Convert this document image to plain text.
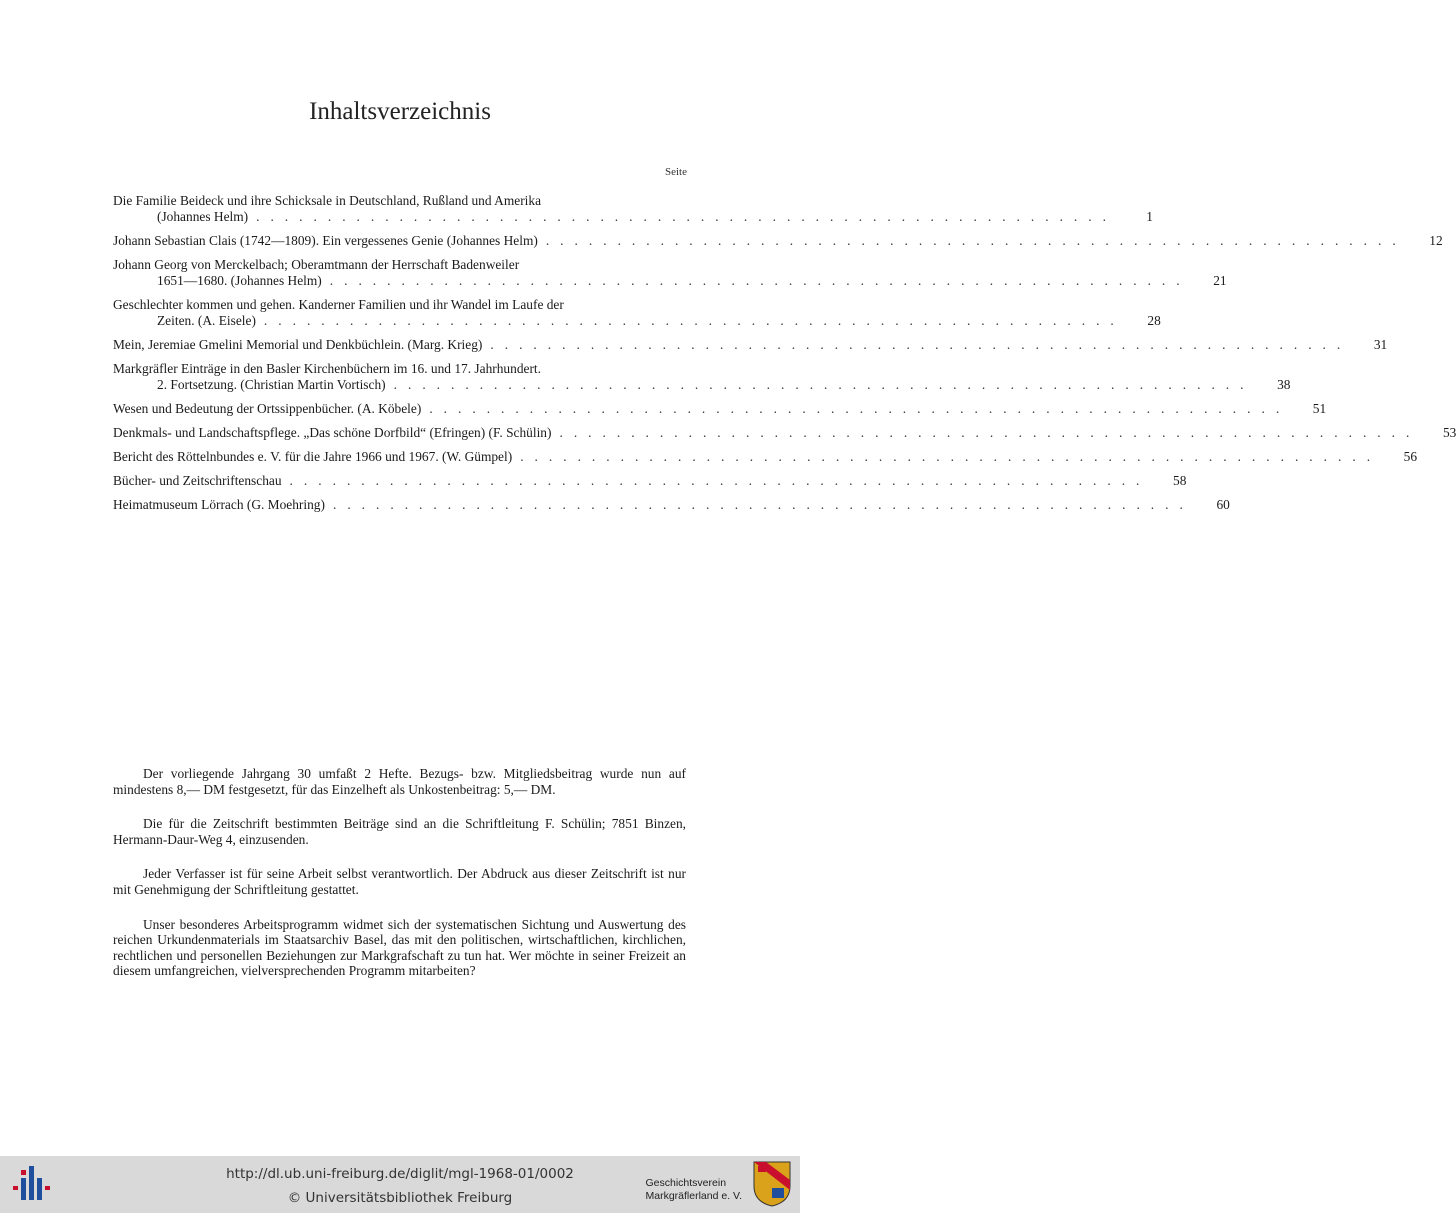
Inhaltsverzeichnis
Seite
Die Familie Beideck und ihre Schicksale in Deutschland, Rußland und Amerika
(Johannes Helm) ............................................................	1
Johann Sebastian Clais (1742—1809). Ein vergessenes Genie (Johannes Helm) ............................................................	12
Johann Georg von Merckelbach; Oberamtmann der Herrschaft Badenweiler
1651—1680. (Johannes Helm) ............................................................	21
Geschlechter kommen und gehen. Kanderner Familien und ihr Wandel im Laufe der
Zeiten. (A. Eisele) ............................................................	28
Mein, Jeremiae Gmelini Memorial und Denkbüchlein. (Marg. Krieg) ............................................................	31
Markgräfler Einträge in den Basler Kirchenbüchern im 16. und 17. Jahrhundert.
2. Fortsetzung. (Christian Martin Vortisch) ............................................................	38
Wesen und Bedeutung der Ortssippenbücher. (A. Köbele) ............................................................	51
Denkmals- und Landschaftspflege. „Das schöne Dorfbild“ (Efringen) (F. Schülin) ............................................................	53
Bericht des Röttelnbundes e. V. für die Jahre 1966 und 1967. (W. Gümpel) ............................................................	56
Bücher- und Zeitschriftenschau ............................................................	58
Heimatmuseum Lörrach (G. Moehring) ............................................................	60

Der vorliegende Jahrgang 30 umfaßt 2 Hefte. Bezugs- bzw. Mitgliedsbeitrag wurde nun auf mindestens 8,— DM festgesetzt, für das Einzelheft als Unkostenbeitrag: 5,— DM.

Die für die Zeitschrift bestimmten Beiträge sind an die Schriftleitung F. Schülin; 7851 Binzen, Hermann-Daur-Weg 4, einzusenden.

Jeder Verfasser ist für seine Arbeit selbst verantwortlich. Der Abdruck aus dieser Zeitschrift ist nur mit Genehmigung der Schriftleitung gestattet.

Unser besonderes Arbeitsprogramm widmet sich der systematischen Sichtung und Auswertung des reichen Urkundenmaterials im Staatsarchiv Basel, das mit den politischen, wirtschaftlichen, kirchlichen, rechtlichen und personellen Beziehungen zur Markgrafschaft zu tun hat. Wer möchte in seiner Freizeit an diesem umfangreichen, vielversprechenden Programm mitarbeiten?

http://dl.ub.uni-freiburg.de/diglit/mgl-1968-01/0002
© Universitätsbibliothek Freiburg
Geschichtsverein
Markgräflerland e. V.
